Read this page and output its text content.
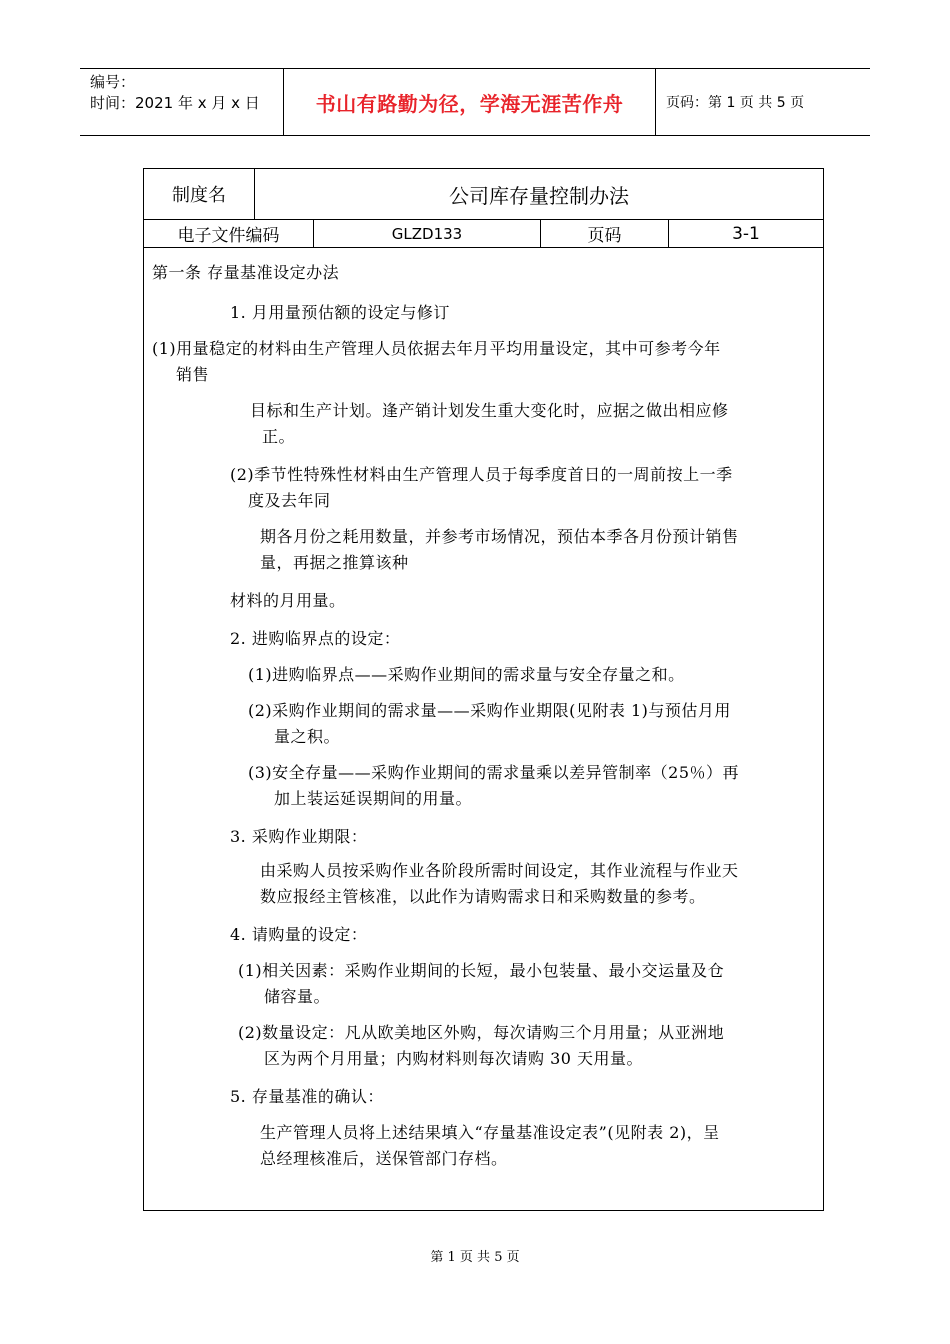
编号：
时间：2021 年 x 月 x 日	书山有路勤为径，学海无涯苦作舟	页码：第 1 页 共 5 页
制度名	公司库存量控制办法
电子文件编码	GLZD133	页码	3-1
第一条 存量基准设定办法
1. 月用量预估额的设定与修订
(1)用量稳定的材料由生产管理人员依据去年月平均用量设定，其中可参考今年
销售
目标和生产计划。逢产销计划发生重大变化时，应据之做出相应修
正。
(2)季节性特殊性材料由生产管理人员于每季度首日的一周前按上一季
度及去年同
期各月份之耗用数量，并参考市场情况，预估本季各月份预计销售
量，再据之推算该种
材料的月用量。
2. 进购临界点的设定：
(1)进购临界点——采购作业期间的需求量与安全存量之和。
(2)采购作业期间的需求量——采购作业期限(见附表 1)与预估月用
量之积。
(3)安全存量——采购作业期间的需求量乘以差异管制率（25％）再
加上装运延误期间的用量。
3. 采购作业期限：
由采购人员按采购作业各阶段所需时间设定，其作业流程与作业天
数应报经主管核准，以此作为请购需求日和采购数量的参考。
4. 请购量的设定：
(1)相关因素：采购作业期间的长短，最小包装量、最小交运量及仓
储容量。
(2)数量设定：凡从欧美地区外购，每次请购三个月用量；从亚洲地
区为两个月用量；内购材料则每次请购 30 天用量。
5. 存量基准的确认：
生产管理人员将上述结果填入“存量基准设定表”(见附表 2)，呈
总经理核准后，送保管部门存档。
第 1 页 共 5 页
